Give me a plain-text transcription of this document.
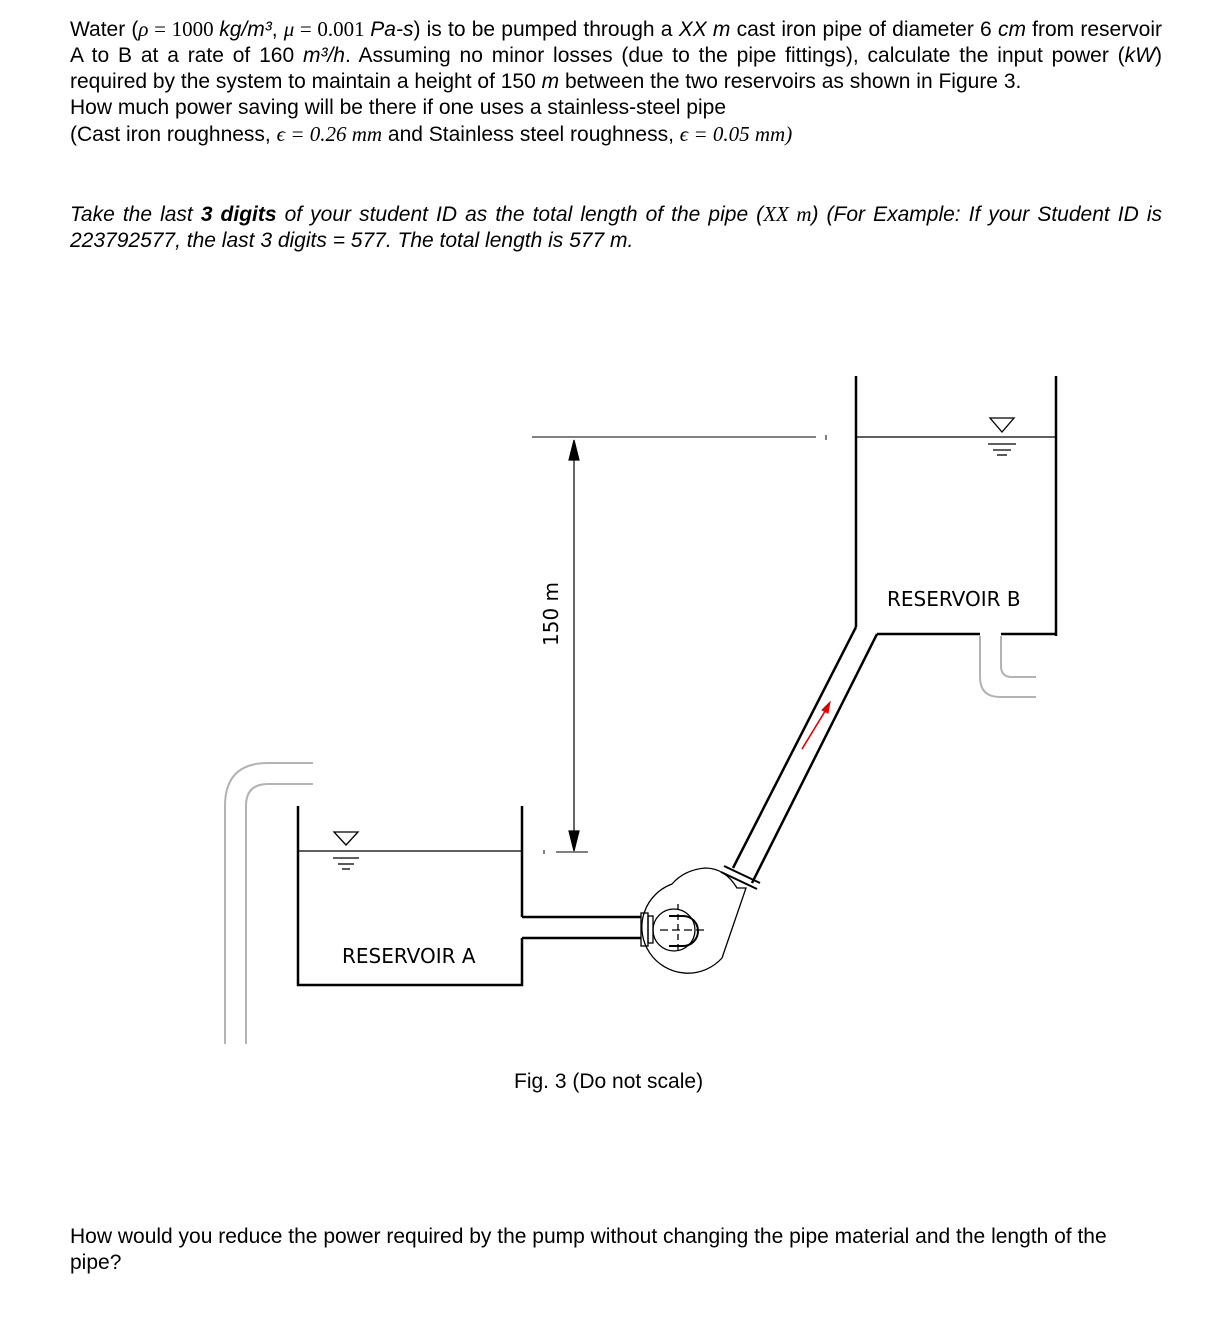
Water (ρ = 1000 kg/m³, μ = 0.001 Pa-s) is to be pumped through a XX m cast iron pipe of diameter 6 cm from reservoir A to B at a rate of 160 m³/h. Assuming no minor losses (due to the pipe fittings), calculate the input power (kW) required by the system to maintain a height of 150 m between the two reservoirs as shown in Figure 3.
How much power saving will be there if one uses a stainless-steel pipe
(Cast iron roughness, ϵ = 0.26 mm and Stainless steel roughness, ϵ = 0.05 mm)

Take the last 3 digits of your student ID as the total length of the pipe (XX m) (For Example: If your Student ID is 223792577, the last 3 digits = 577. The total length is 577 m.

RESERVOIR A
RESERVOIR B
150 m
Fig. 3 (Do not scale)

How would you reduce the power required by the pump without changing the pipe material and the length of the pipe?
